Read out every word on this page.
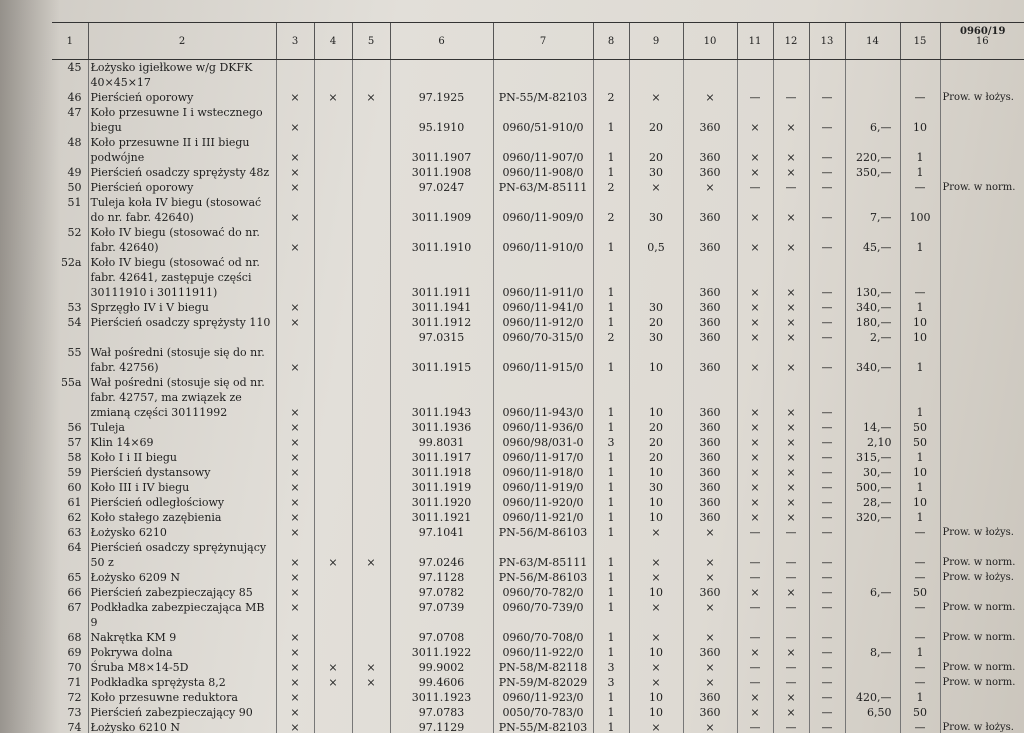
0960/19
1	2	3	4	5	6	7	8	9	10	11	12	13	14	15	16
45	Łożysko igiełkowe w/g DKFK 40×45×17	

46	Pierścień oporowy	×	×	×	97.1925	PN-55/M-82103	2	×	×	—	—	—		—	Prow. w łożys.
47	Koło przesuwne I i wstecznego biegu	×			95.1910	0960/51-910/0	1	20	360	×	×	—	6,—	10	

48	Koło przesuwne II i III biegu podwójne	×			3011.1907	0960/11-907/0	1	20	360	×	×	—	220,—	1	

49	Pierścień osadczy sprężysty 48z	×			3011.1908	0960/11-908/0	1	30	360	×	×	—	350,—	1	
50	Pierścień oporowy	×			97.0247	PN-63/M-85111	2	×	×	—	—	—		—	Prow. w norm.
51	Tuleja koła IV biegu (stosować do nr. fabr. 42640)	×			3011.1909	0960/11-909/0	2	30	360	×	×	—	7,—	100	

52	Koło IV biegu (stosować do nr. fabr. 42640)	×			3011.1910	0960/11-910/0	1	0,5	360	×	×	—	45,—	1	

52a	Koło IV biegu (stosować od nr. fabr. 42641, zastępuje części 30111910 i 30111911)				3011.1911	0960/11-911/0	1		360	×	×	—	130,—	—	

53	Sprzęgło IV i V biegu	×			3011.1941	0960/11-941/0	1	30	360	×	×	—	340,—	1	
54	Pierścień osadczy sprężysty 110	×			3011.1912	0960/11-912/0	1	20	360	×	×	—	180,—	10	
					97.0315	0960/70-315/0	2	30	360	×	×	—	2,—	10	
55	Wał pośredni (stosuje się do nr. fabr. 42756)	×			3011.1915	0960/11-915/0	1	10	360	×	×	—	340,—	1	

55a	Wał pośredni (stosuje się od nr. fabr. 42757, ma związek ze zmianą części 30111992	×			3011.1943	0960/11-943/0	1	10	360	×	×	—		1	

56	Tuleja	×			3011.1936	0960/11-936/0	1	20	360	×	×	—	14,—	50	
57	Klin 14×69	×			99.8031	0960/98/031-0	3	20	360	×	×	—	2,10	50	
58	Koło I i II biegu	×			3011.1917	0960/11-917/0	1	20	360	×	×	—	315,—	1	
59	Pierścień dystansowy	×			3011.1918	0960/11-918/0	1	10	360	×	×	—	30,—	10	
60	Koło III i IV biegu	×			3011.1919	0960/11-919/0	1	30	360	×	×	—	500,—	1	
61	Pierścień odległościowy	×			3011.1920	0960/11-920/0	1	10	360	×	×	—	28,—	10	
62	Koło stałego zazębienia	×			3011.1921	0960/11-921/0	1	10	360	×	×	—	320,—	1	
63	Łożysko 6210	×			97.1041	PN-56/M-86103	1	×	×	—	—	—		—	Prow. w łożys.
64	Pierścień osadczy sprężynujący 50 z	×	×	×	97.0246	PN-63/M-85111	1	×	×	—	—	—		—	Prow. w norm.

65	Łożysko 6209 N	×			97.1128	PN-56/M-86103	1	×	×	—	—	—		—	Prow. w łożys.
66	Pierścień zabezpieczający 85	×			97.0782	0960/70-782/0	1	10	360	×	×	—	6,—	50	
67	Podkładka zabezpieczająca MB 9	×			97.0739	0960/70-739/0	1	×	×	—	—	—		—	Prow. w norm.
68	Nakrętka KM 9	×			97.0708	0960/70-708/0	1	×	×	—	—	—		—	Prow. w norm.
69	Pokrywa dolna	×			3011.1922	0960/11-922/0	1	10	360	×	×	—	8,—	1	
70	Śruba M8×14-5D	×	×	×	99.9002	PN-58/M-82118	3	×	×	—	—	—		—	Prow. w norm.
71	Podkładka sprężysta 8,2	×	×	×	99.4606	PN-59/M-82029	3	×	×	—	—	—		—	Prow. w norm.
72	Koło przesuwne reduktora	×			3011.1923	0960/11-923/0	1	10	360	×	×	—	420,—	1	
73	Pierścień zabezpieczający 90	×			97.0783	0050/70-783/0	1	10	360	×	×	—	6,50	50	
74	Łożysko 6210 N	×			97.1129	PN-55/M-82103	1	×	×	—	—	—		—	Prow. w łożys.
